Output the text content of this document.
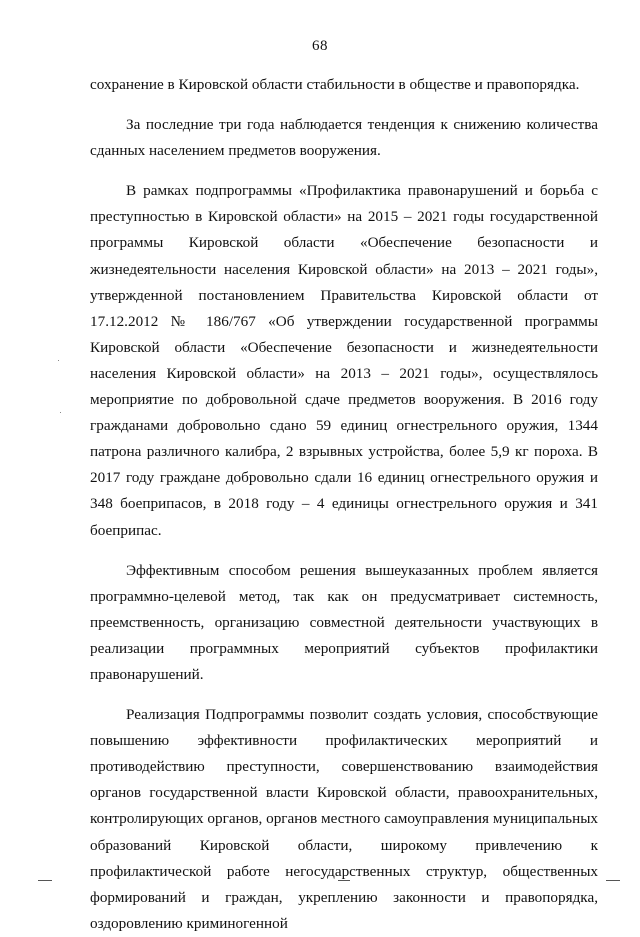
68

сохранение в Кировской области стабильности в обществе и правопорядка.

За последние три года наблюдается тенденция к снижению количества сданных населением предметов вооружения.

В рамках подпрограммы «Профилактика правонарушений и борьба с преступностью в Кировской области» на 2015 – 2021 годы государственной программы Кировской области «Обеспечение безопасности и жизнедеятельности населения Кировской области» на 2013 – 2021 годы», утвержденной постановлением Правительства Кировской области от 17.12.2012 № 186/767 «Об утверждении государственной программы Кировской области «Обеспечение безопасности и жизнедеятельности населения Кировской области» на 2013 – 2021 годы», осуществлялось мероприятие по добровольной сдаче предметов вооружения. В 2016 году гражданами добровольно сдано 59 единиц огнестрельного оружия, 1344 патрона различного калибра, 2 взрывных устройства, более 5,9 кг пороха. В 2017 году граждане добровольно сдали 16 единиц огнестрельного оружия и 348 боеприпасов, в 2018 году – 4 единицы огнестрельного оружия и 341 боеприпас.

Эффективным способом решения вышеуказанных проблем является программно-целевой метод, так как он предусматривает системность, преемственность, организацию совместной деятельности участвующих в реализации программных мероприятий субъектов профилактики правонарушений.

Реализация Подпрограммы позволит создать условия, способствующие повышению эффективности профилактических мероприятий и противодействию преступности, совершенствованию взаимодействия органов государственной власти Кировской области, правоохранительных, контролирующих органов, органов местного самоуправления муниципальных образований Кировской области, широкому привлечению к профилактической работе негосударственных структур, общественных формирований и граждан, укреплению законности и правопорядка, оздоровлению криминогенной
